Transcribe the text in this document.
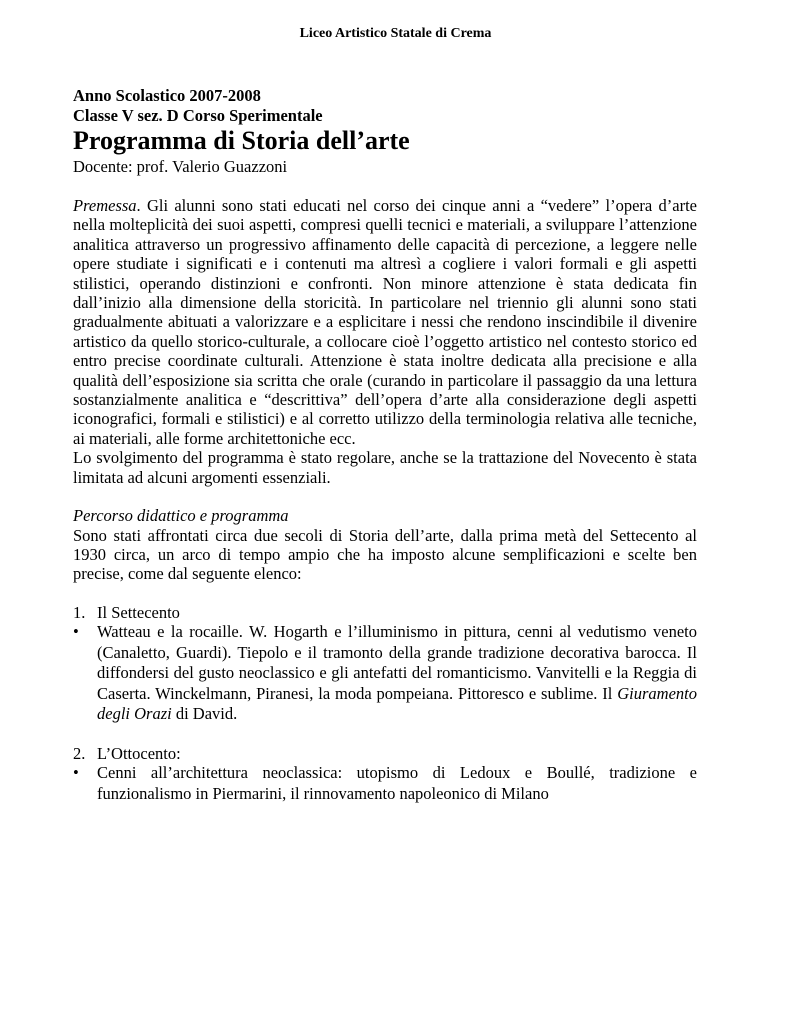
Liceo Artistico Statale di Crema
Anno Scolastico 2007-2008
Classe V sez. D Corso Sperimentale
Programma di Storia dell’arte
Docente: prof. Valerio Guazzoni

Premessa. Gli alunni sono stati educati nel corso dei cinque anni a “vedere” l’opera d’arte nella molteplicità dei suoi aspetti, compresi quelli tecnici e materiali, a sviluppare l’attenzione analitica attraverso un progressivo affinamento delle capacità di percezione, a leggere nelle opere studiate i significati e i contenuti ma altresì a cogliere i valori formali e gli aspetti stilistici, operando distinzioni e confronti. Non minore attenzione è stata dedicata fin dall’inizio alla dimensione della storicità. In particolare nel triennio gli alunni sono stati gradualmente abituati a valorizzare e a esplicitare i nessi che rendono inscindibile il divenire artistico da quello storico-culturale, a collocare cioè l’oggetto artistico nel contesto storico ed entro precise coordinate culturali. Attenzione è stata inoltre dedicata alla precisione e alla qualità dell’esposizione sia scritta che orale (curando in particolare il passaggio da una lettura sostanzialmente analitica e “descrittiva” dell’opera d’arte alla considerazione degli aspetti iconografici, formali e stilistici) e al corretto utilizzo della terminologia relativa alle tecniche, ai materiali, alle forme architettoniche ecc.

Lo svolgimento del programma è stato regolare, anche se la trattazione del Novecento è stata limitata ad alcuni argomenti essenziali.

Percorso didattico e programma

Sono stati affrontati circa due secoli di Storia dell’arte, dalla prima metà del Settecento al 1930 circa, un arco di tempo ampio che ha imposto alcune semplificazioni e scelte ben precise, come dal seguente elenco:

1. Il Settecento
• Watteau e la rocaille. W. Hogarth e l’illuminismo in pittura, cenni al vedutismo veneto (Canaletto, Guardi). Tiepolo e il tramonto della grande tradizione decorativa barocca. Il diffondersi del gusto neoclassico e gli antefatti del romanticismo. Vanvitelli e la Reggia di Caserta. Winckelmann, Piranesi, la moda pompeiana. Pittoresco e sublime. Il Giuramento degli Orazi di David.
2. L’Ottocento:
• Cenni all’architettura neoclassica: utopismo di Ledoux e Boullé, tradizione e funzionalismo in Piermarini, il rinnovamento napoleonico di Milano
